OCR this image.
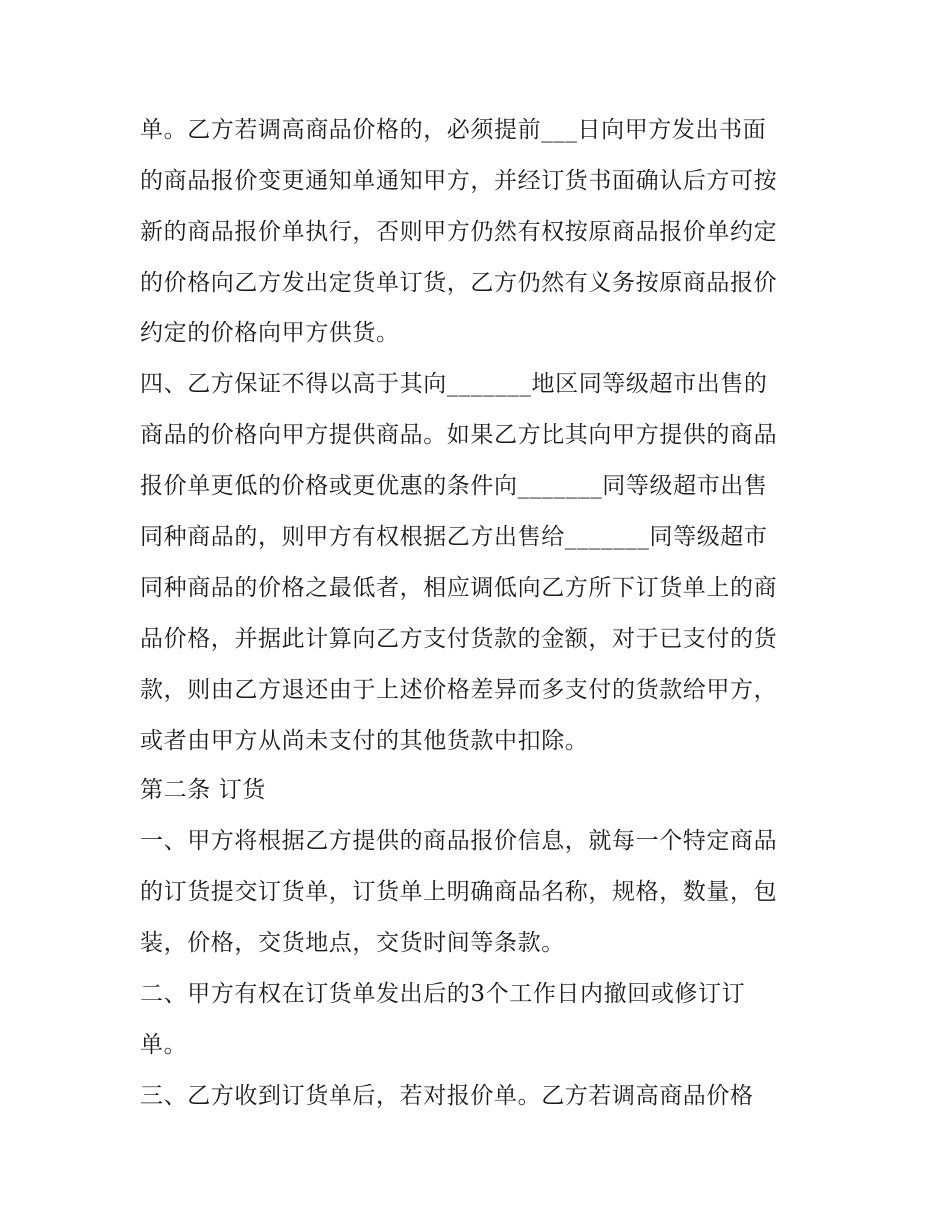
单。乙方若调高商品价格的，必须提前___日向甲方发出书面
的商品报价变更通知单通知甲方，并经订货书面确认后方可按
新的商品报价单执行，否则甲方仍然有权按原商品报价单约定
的价格向乙方发出定货单订货，乙方仍然有义务按原商品报价
约定的价格向甲方供货。
四、乙方保证不得以高于其向_______地区同等级超市出售的
商品的价格向甲方提供商品。如果乙方比其向甲方提供的商品
报价单更低的价格或更优惠的条件向_______同等级超市出售
同种商品的，则甲方有权根据乙方出售给_______同等级超市
同种商品的价格之最低者，相应调低向乙方所下订货单上的商
品价格，并据此计算向乙方支付货款的金额，对于已支付的货
款，则由乙方退还由于上述价格差异而多支付的货款给甲方，
或者由甲方从尚未支付的其他货款中扣除。
第二条 订货
一、甲方将根据乙方提供的商品报价信息，就每一个特定商品
的订货提交订货单，订货单上明确商品名称，规格，数量，包
装，价格，交货地点，交货时间等条款。
二、甲方有权在订货单发出后的3个工作日内撤回或修订订
单。
三、乙方收到订货单后，若对报价单。乙方若调高商品价格
